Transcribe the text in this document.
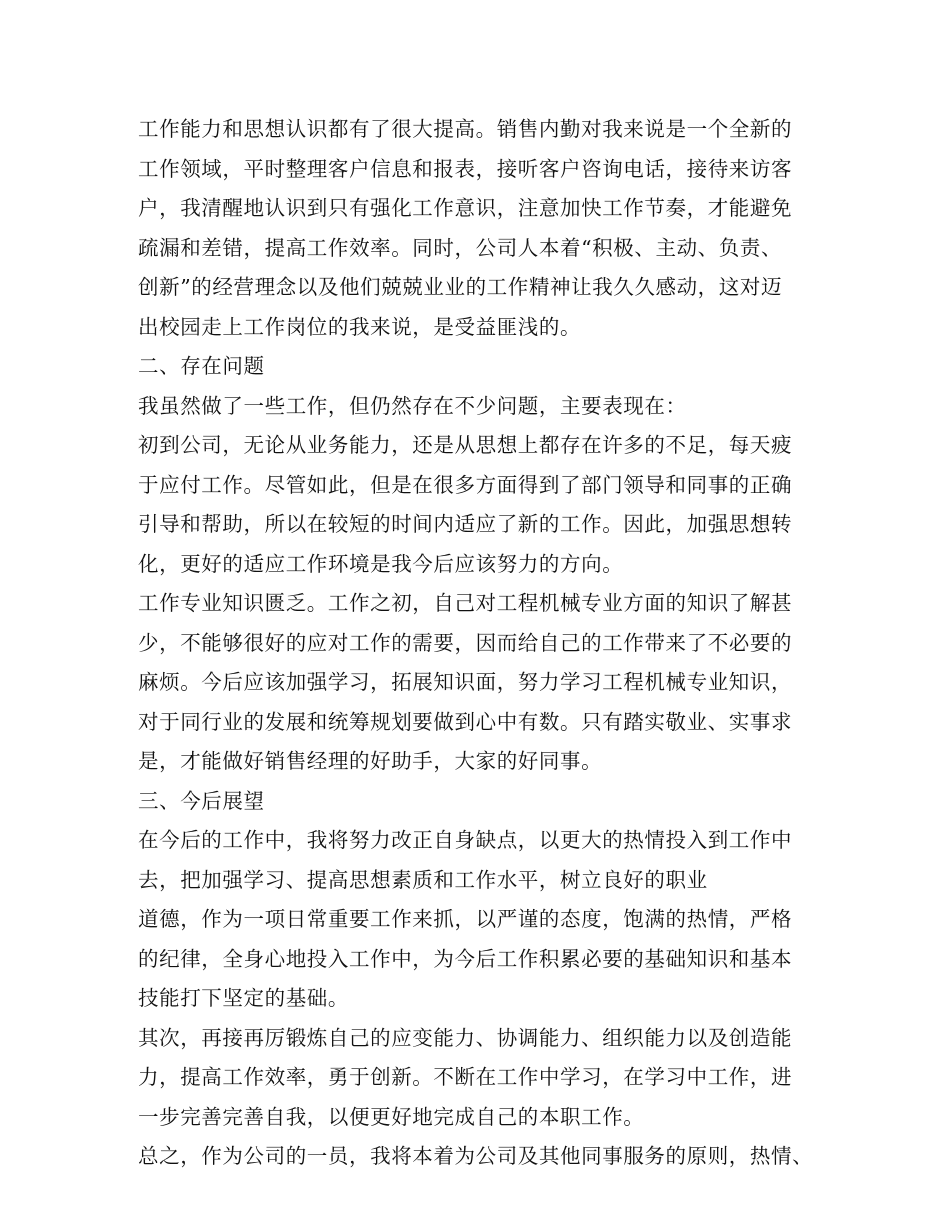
工作能力和思想认识都有了很大提高。销售内勤对我来说是一个全新的
工作领域，平时整理客户信息和报表，接听客户咨询电话，接待来访客
户，我清醒地认识到只有强化工作意识，注意加快工作节奏，才能避免
疏漏和差错，提高工作效率。同时，公司人本着“积极、主动、负责、
创新”的经营理念以及他们兢兢业业的工作精神让我久久感动，这对迈
出校园走上工作岗位的我来说，是受益匪浅的。
二、存在问题
我虽然做了一些工作，但仍然存在不少问题，主要表现在：
初到公司，无论从业务能力，还是从思想上都存在许多的不足，每天疲
于应付工作。尽管如此，但是在很多方面得到了部门领导和同事的正确
引导和帮助，所以在较短的时间内适应了新的工作。因此，加强思想转
化，更好的适应工作环境是我今后应该努力的方向。
工作专业知识匮乏。工作之初，自己对工程机械专业方面的知识了解甚
少，不能够很好的应对工作的需要，因而给自己的工作带来了不必要的
麻烦。今后应该加强学习，拓展知识面，努力学习工程机械专业知识，
对于同行业的发展和统筹规划要做到心中有数。只有踏实敬业、实事求
是，才能做好销售经理的好助手，大家的好同事。
三、今后展望
在今后的工作中，我将努力改正自身缺点，以更大的热情投入到工作中
去，把加强学习、提高思想素质和工作水平，树立良好的职业
道德，作为一项日常重要工作来抓，以严谨的态度，饱满的热情，严格
的纪律，全身心地投入工作中，为今后工作积累必要的基础知识和基本
技能打下坚定的基础。
其次，再接再厉锻炼自己的应变能力、协调能力、组织能力以及创造能
力，提高工作效率，勇于创新。不断在工作中学习，在学习中工作，进
一步完善完善自我，以便更好地完成自己的本职工作。
总之，作为公司的一员，我将本着为公司及其他同事服务的原则，热情、
